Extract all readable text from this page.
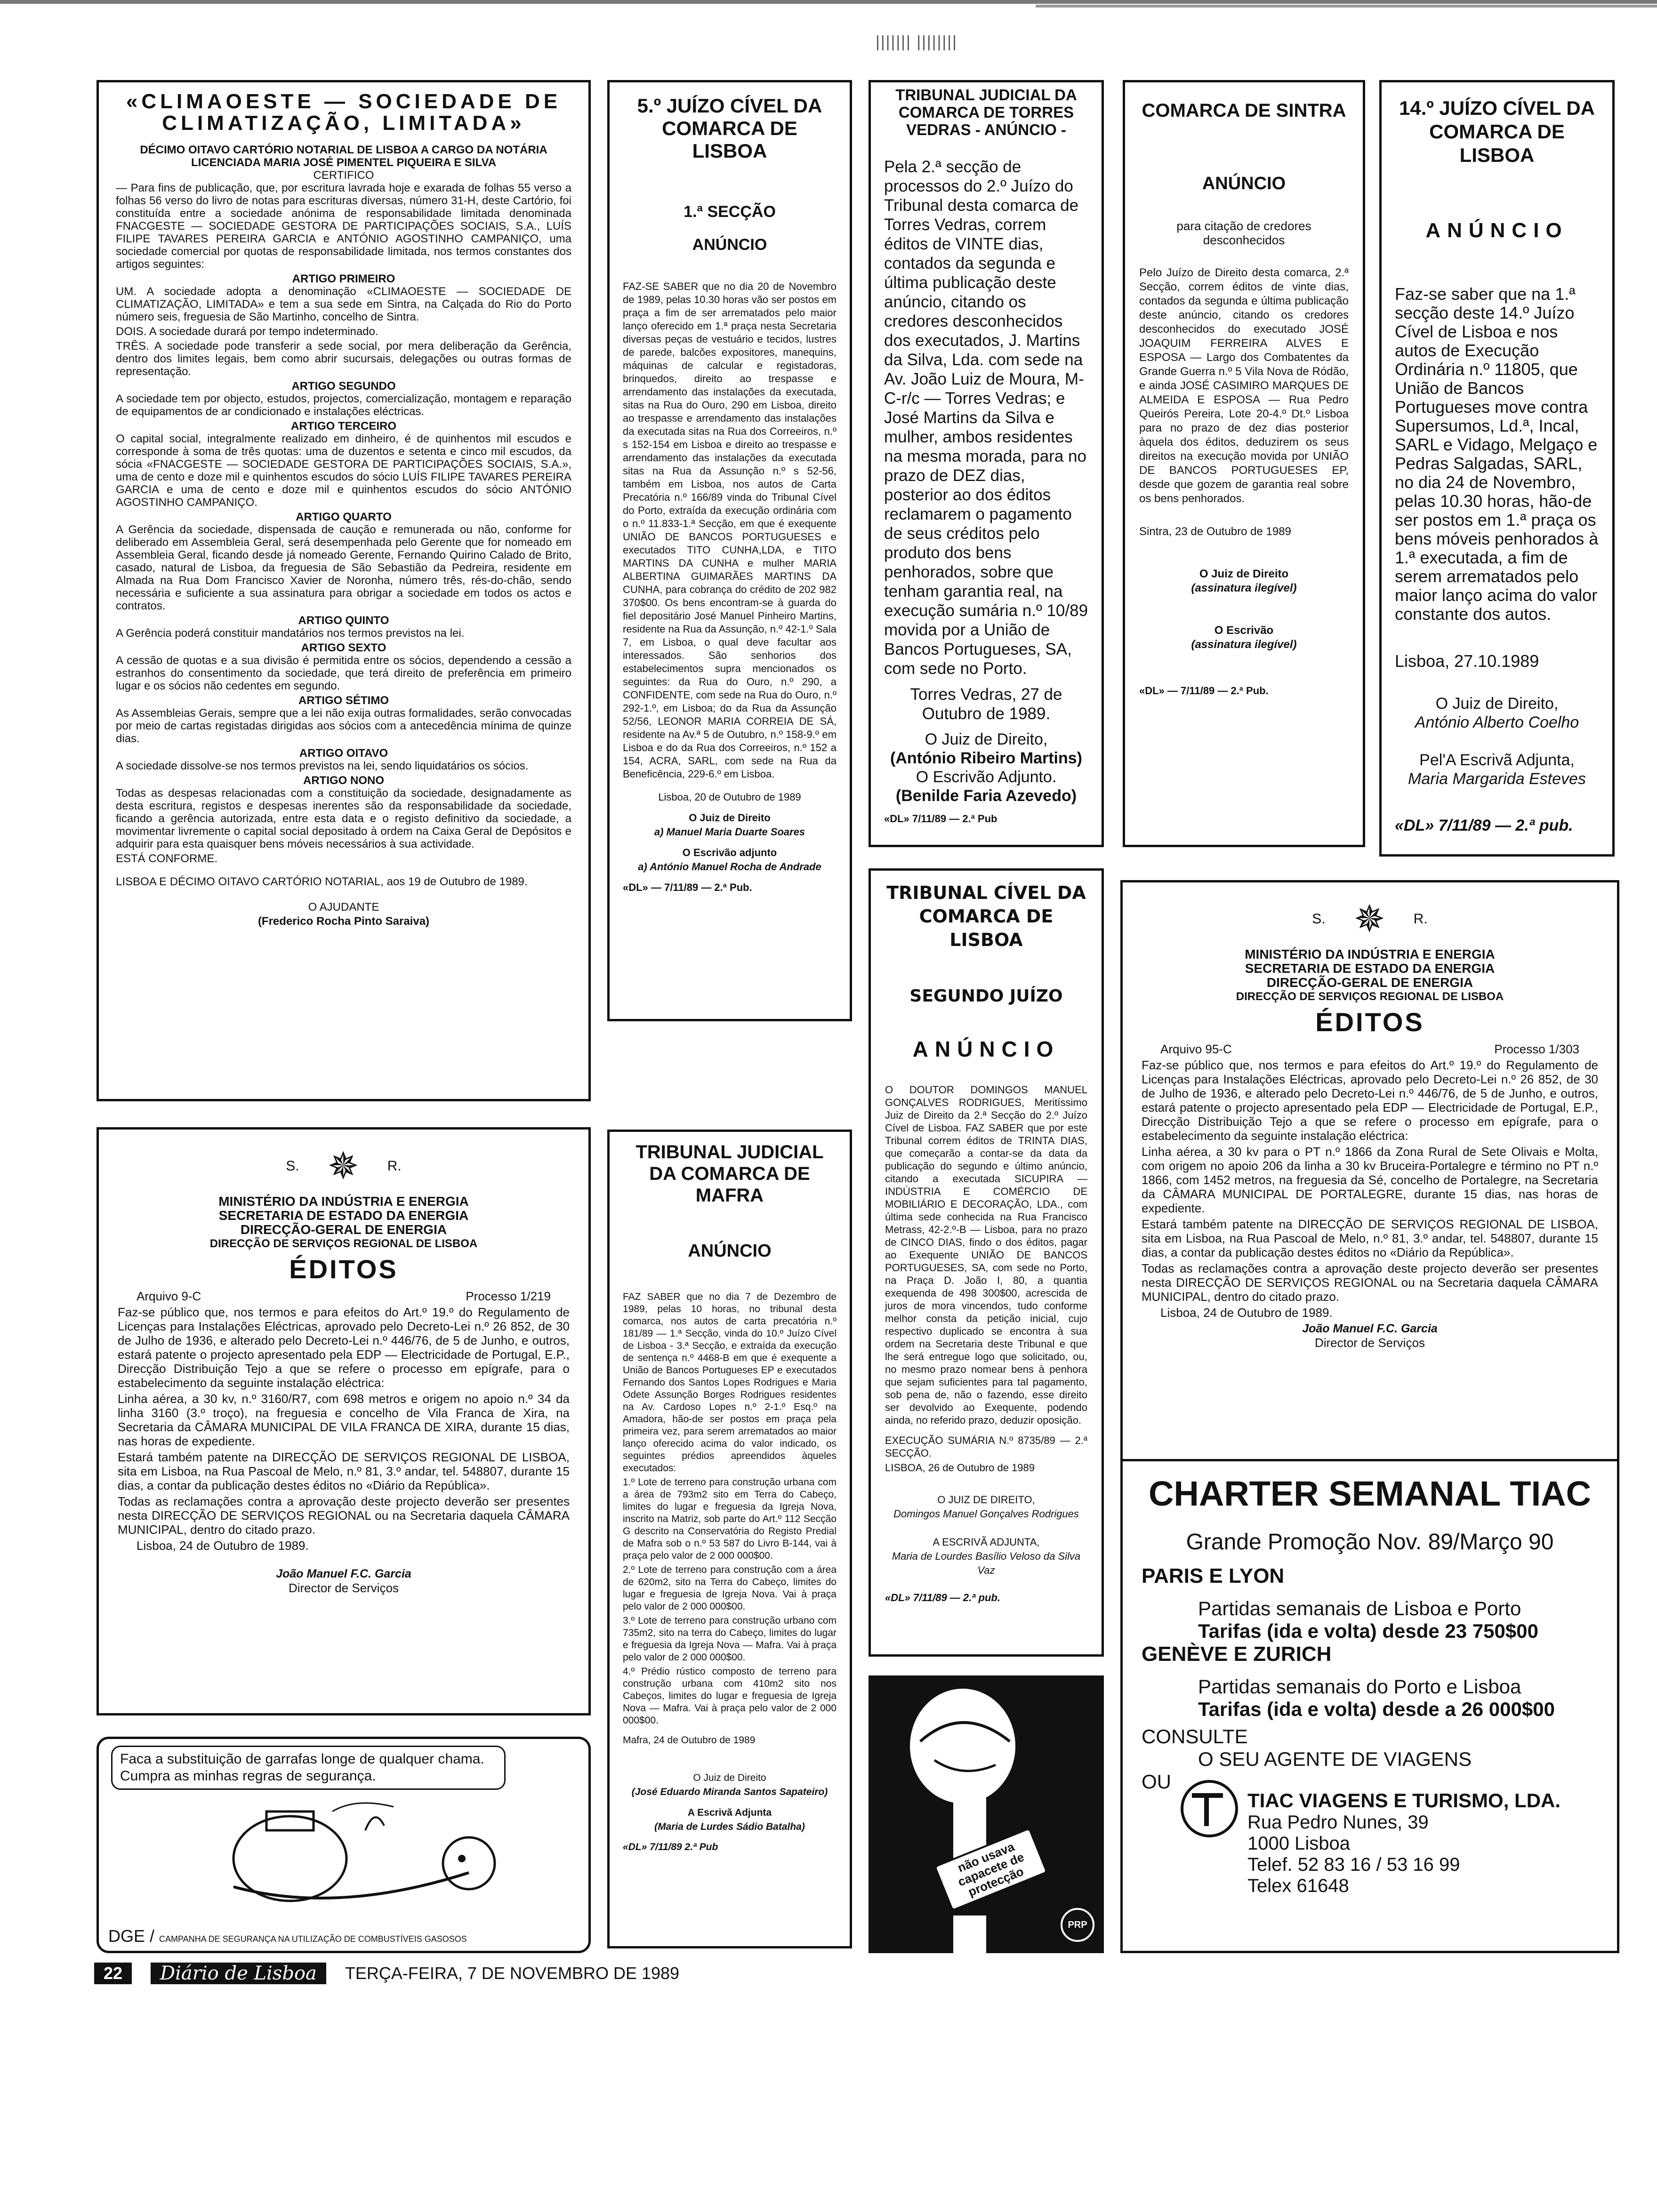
||||||| ||||||||

«CLIMAOESTE — SOCIEDADE DE CLIMATIZAÇÃO, LIMITADA»

DÉCIMO OITAVO CARTÓRIO NOTARIAL DE LISBOA A CARGO DA NOTÁRIA LICENCIADA MARIA JOSÉ PIMENTEL PIQUEIRA E SILVA

CERTIFICO

— Para fins de publicação, que, por escritura lavrada hoje e exarada de folhas 55 verso a folhas 56 verso do livro de notas para escrituras diversas, número 31-H, deste Cartório, foi constituída entre a sociedade anónima de responsabilidade limitada denominada FNACGESTE — SOCIEDADE GESTORA DE PARTICIPAÇÕES SOCIAIS, S.A., LUÍS FILIPE TAVARES PEREIRA GARCIA e ANTÓNIO AGOSTINHO CAMPANIÇO, uma sociedade comercial por quotas de responsabilidade limitada, nos termos constantes dos artigos seguintes:

ARTIGO PRIMEIRO

UM. A sociedade adopta a denominação «CLIMAOESTE — SOCIEDADE DE CLIMATIZAÇÃO, LIMITADA» e tem a sua sede em Sintra, na Calçada do Rio do Porto número seis, freguesia de São Martinho, concelho de Sintra.

DOIS. A sociedade durará por tempo indeterminado.

TRÊS. A sociedade pode transferir a sede social, por mera deliberação da Gerência, dentro dos limites legais, bem como abrir sucursais, delegações ou outras formas de representação.

ARTIGO SEGUNDO

A sociedade tem por objecto, estudos, projectos, comercialização, montagem e reparação de equipamentos de ar condicionado e instalações eléctricas.

ARTIGO TERCEIRO

O capital social, integralmente realizado em dinheiro, é de quinhentos mil escudos e corresponde à soma de três quotas: uma de duzentos e setenta e cinco mil escudos, da sócia «FNACGESTE — SOCIEDADE GESTORA DE PARTICIPAÇÕES SOCIAIS, S.A.», uma de cento e doze mil e quinhentos escudos do sócio LUÍS FILIPE TAVARES PEREIRA GARCIA e uma de cento e doze mil e quinhentos escudos do sócio ANTÓNIO AGOSTINHO CAMPANIÇO.

ARTIGO QUARTO

A Gerência da sociedade, dispensada de caução e remunerada ou não, conforme for deliberado em Assembleia Geral, será desempenhada pelo Gerente que for nomeado em Assembleia Geral, ficando desde já nomeado Gerente, Fernando Quirino Calado de Brito, casado, natural de Lisboa, da freguesia de São Sebastião da Pedreira, residente em Almada na Rua Dom Francisco Xavier de Noronha, número três, rés-do-chão, sendo necessária e suficiente a sua assinatura para obrigar a sociedade em todos os actos e contratos.

ARTIGO QUINTO

A Gerência poderá constituir mandatários nos termos previstos na lei.

ARTIGO SEXTO

A cessão de quotas e a sua divisão é permitida entre os sócios, dependendo a cessão a estranhos do consentimento da sociedade, que terá direito de preferência em primeiro lugar e os sócios não cedentes em segundo.

ARTIGO SÉTIMO

As Assembleias Gerais, sempre que a lei não exija outras formalidades, serão convocadas por meio de cartas registadas dirigidas aos sócios com a antecedência mínima de quinze dias.

ARTIGO OITAVO

A sociedade dissolve-se nos termos previstos na lei, sendo liquidatários os sócios.

ARTIGO NONO

Todas as despesas relacionadas com a constituição da sociedade, designadamente as desta escritura, registos e despesas inerentes são da responsabilidade da sociedade, ficando a gerência autorizada, entre esta data e o registo definitivo da sociedade, a movimentar livremente o capital social depositado à ordem na Caixa Geral de Depósitos e adquirir para esta quaisquer bens móveis necessários à sua actividade.

ESTÁ CONFORME.

LISBOA E DÉCIMO OITAVO CARTÓRIO NOTARIAL, aos 19 de Outubro de 1989.

O AJUDANTE

(Frederico Rocha Pinto Saraiva)

5.º JUÍZO CÍVEL DA COMARCA DE LISBOA

1.ª SECÇÃO

ANÚNCIO

FAZ-SE SABER que no dia 20 de Novembro de 1989, pelas 10.30 horas vão ser postos em praça a fim de ser arrematados pelo maior lanço oferecido em 1.ª praça nesta Secretaria diversas peças de vestuário e tecidos, lustres de parede, balcões expositores, manequins, máquinas de calcular e registadoras, brinquedos, direito ao trespasse e arrendamento das instalações da executada, sitas na Rua do Ouro, 290 em Lisboa, direito ao trespasse e arrendamento das instalações da executada sitas na Rua dos Correeiros, n.º s 152-154 em Lisboa e direito ao trespasse e arrendamento das instalações da executada sitas na Rua da Assunção n.º s 52-56, também em Lisboa, nos autos de Carta Precatória n.º 166/89 vinda do Tribunal Cível do Porto, extraída da execução ordinária com o n.º 11.833-1.ª Secção, em que é exequente UNIÃO DE BANCOS PORTUGUESES e executados TITO CUNHA,LDA, e TITO MARTINS DA CUNHA e mulher MARIA ALBERTINA GUIMARÃES MARTINS DA CUNHA, para cobrança do crédito de 202 982 370$00. Os bens encontram-se à guarda do fiel depositário José Manuel Pinheiro Martins, residente na Rua da Assunção, n.º 42-1.º Sala 7, em Lisboa, o qual deve facultar aos interessados. São senhorios dos estabelecimentos supra mencionados os seguintes: da Rua do Ouro, n.º 290, a CONFIDENTE, com sede na Rua do Ouro, n.º 292-1.º, em Lisboa; do da Rua da Assunção 52/56, LEONOR MARIA CORREIA DE SÁ, residente na Av.ª 5 de Outubro, n.º 158-9.º em Lisboa e do da Rua dos Correeiros, n.º 152 a 154, ACRA, SARL, com sede na Rua da Beneficência, 229-6.º em Lisboa.

Lisboa, 20 de Outubro de 1989

O Juiz de Direito

a) Manuel Maria Duarte Soares

O Escrivão adjunto

a) António Manuel Rocha de Andrade

«DL» — 7/11/89 — 2.ª Pub.

TRIBUNAL JUDICIAL DA COMARCA DE TORRES VEDRAS - ANÚNCIO -

Pela 2.ª secção de processos do 2.º Juízo do Tribunal desta comarca de Torres Vedras, correm éditos de VINTE dias, contados da segunda e última publicação deste anúncio, citando os credores desconhecidos dos executados, J. Martins da Silva, Lda. com sede na Av. João Luiz de Moura, M-C-r/c — Torres Vedras; e José Martins da Silva e mulher, ambos residentes na mesma morada, para no prazo de DEZ dias, posterior ao dos éditos reclamarem o pagamento de seus créditos pelo produto dos bens penhorados, sobre que tenham garantia real, na execução sumária n.º 10/89 movida por a União de Bancos Portugueses, SA, com sede no Porto.

Torres Vedras, 27 de Outubro de 1989.

O Juiz de Direito,

(António Ribeiro Martins)

O Escrivão Adjunto.

(Benilde Faria Azevedo)

«DL» 7/11/89 — 2.ª Pub

COMARCA DE SINTRA

ANÚNCIO

para citação de credores desconhecidos

Pelo Juízo de Direito desta comarca, 2.ª Secção, correm éditos de vinte dias, contados da segunda e última publicação deste anúncio, citando os credores desconhecidos do executado JOSÉ JOAQUIM FERREIRA ALVES E ESPOSA — Largo dos Combatentes da Grande Guerra n.º 5 Vila Nova de Ródão, e ainda JOSÉ CASIMIRO MARQUES DE ALMEIDA E ESPOSA — Rua Pedro Queirós Pereira, Lote 20-4.º Dt.º Lisboa para no prazo de dez dias posterior àquela dos éditos, deduzirem os seus direitos na execução movida por UNIÃO DE BANCOS PORTUGUESES EP, desde que gozem de garantia real sobre os bens penhorados.

Sintra, 23 de Outubro de 1989

O Juiz de Direito

(assinatura ilegível)

O Escrivão

(assinatura ilegível)

«DL» — 7/11/89 — 2.ª Pub.

14.º JUÍZO CÍVEL DA COMARCA DE LISBOA

ANÚNCIO

Faz-se saber que na 1.ª secção deste 14.º Juízo Cível de Lisboa e nos autos de Execução Ordinária n.º 11805, que União de Bancos Portugueses move contra Supersumos, Ld.ª, Incal, SARL e Vidago, Melgaço e Pedras Salgadas, SARL, no dia 24 de Novembro, pelas 10.30 horas, hão-de ser postos em 1.ª praça os bens móveis penhorados à 1.ª executada, a fim de serem arrematados pelo maior lanço acima do valor constante dos autos.

Lisboa, 27.10.1989

O Juiz de Direito,

António Alberto Coelho

Pel'A Escrivã Adjunta,

Maria Margarida Esteves

«DL» 7/11/89 — 2.ª pub.

TRIBUNAL CÍVEL DA COMARCA DE LISBOA

SEGUNDO JUÍZO

ANÚNCIO

O DOUTOR DOMINGOS MANUEL GONÇALVES RODRIGUES, Meritíssimo Juiz de Direito da 2.ª Secção do 2.º Juízo Cível de Lisboa. FAZ SABER que por este Tribunal correm éditos de TRINTA DIAS, que começarão a contar-se da data da publicação do segundo e último anúncio, citando a executada SICUPIRA — INDÚSTRIA E COMÉRCIO DE MOBILIÁRIO E DECORAÇÃO, LDA., com última sede conhecida na Rua Francisco Metrass, 42-2.º-B — Lisboa, para no prazo de CINCO DIAS, findo o dos éditos, pagar ao Exequente UNIÃO DE BANCOS PORTUGUESES, SA, com sede no Porto, na Praça D. João I, 80, a quantia exequenda de 498 300$00, acrescida de juros de mora vincendos, tudo conforme melhor consta da petição inicial, cujo respectivo duplicado se encontra à sua ordem na Secretaria deste Tribunal e que lhe será entregue logo que solicitado, ou, no mesmo prazo nomear bens à penhora que sejam suficientes para tal pagamento, sob pena de, não o fazendo, esse direito ser devolvido ao Exequente, podendo ainda, no referido prazo, deduzir oposição.

EXECUÇÃO SUMÁRIA N.º 8735/89 — 2.ª SECÇÃO.

LISBOA, 26 de Outubro de 1989

O JUIZ DE DIREITO,

Domingos Manuel Gonçalves Rodrigues

A ESCRIVÃ ADJUNTA,

Maria de Lourdes Basílio Veloso da Silva Vaz

«DL» 7/11/89 — 2.ª pub.

S. ✵ R.

MINISTÉRIO DA INDÚSTRIA E ENERGIA

SECRETARIA DE ESTADO DA ENERGIA

DIRECÇÃO-GERAL DE ENERGIA

DIRECÇÃO DE SERVIÇOS REGIONAL DE LISBOA

ÉDITOS

Arquivo 95-C	Processo 1/303

Faz-se público que, nos termos e para efeitos do Art.º 19.º do Regulamento de Licenças para Instalações Eléctricas, aprovado pelo Decreto-Lei n.º 26 852, de 30 de Julho de 1936, e alterado pelo Decreto-Lei n.º 446/76, de 5 de Junho, e outros, estará patente o projecto apresentado pela EDP — Electricidade de Portugal, E.P., Direcção Distribuição Tejo a que se refere o processo em epígrafe, para o estabelecimento da seguinte instalação eléctrica:

Linha aérea, a 30 kv para o PT n.º 1866 da Zona Rural de Sete Olivais e Molta, com origem no apoio 206 da linha a 30 kv Bruceira-Portalegre e término no PT n.º 1866, com 1452 metros, na freguesia da Sé, concelho de Portalegre, na Secretaria da CÂMARA MUNICIPAL DE PORTALEGRE, durante 15 dias, nas horas de expediente.

Estará também patente na DIRECÇÃO DE SERVIÇOS REGIONAL DE LISBOA, sita em Lisboa, na Rua Pascoal de Melo, n.º 81, 3.º andar, tel. 548807, durante 15 dias, a contar da publicação destes éditos no «Diário da República».

Todas as reclamações contra a aprovação deste projecto deverão ser presentes nesta DIRECÇÃO DE SERVIÇOS REGIONAL ou na Secretaria daquela CÂMARA MUNICIPAL, dentro do citado prazo.

Lisboa, 24 de Outubro de 1989.

João Manuel F.C. Garcia

Director de Serviços

S. ✵ R.

MINISTÉRIO DA INDÚSTRIA E ENERGIA

SECRETARIA DE ESTADO DA ENERGIA

DIRECÇÃO-GERAL DE ENERGIA

DIRECÇÃO DE SERVIÇOS REGIONAL DE LISBOA

ÉDITOS

Arquivo 9-C	Processo 1/219

Faz-se público que, nos termos e para efeitos do Art.º 19.º do Regulamento de Licenças para Instalações Eléctricas, aprovado pelo Decreto-Lei n.º 26 852, de 30 de Julho de 1936, e alterado pelo Decreto-Lei n.º 446/76, de 5 de Junho, e outros, estará patente o projecto apresentado pela EDP — Electricidade de Portugal, E.P., Direcção Distribuição Tejo a que se refere o processo em epígrafe, para o estabelecimento da seguinte instalação eléctrica:

Linha aérea, a 30 kv, n.º 3160/R7, com 698 metros e origem no apoio n.º 34 da linha 3160 (3.º troço), na freguesia e concelho de Vila Franca de Xira, na Secretaria da CÂMARA MUNICIPAL DE VILA FRANCA DE XIRA, durante 15 dias, nas horas de expediente.

Estará também patente na DIRECÇÃO DE SERVIÇOS REGIONAL DE LISBOA, sita em Lisboa, na Rua Pascoal de Melo, n.º 81, 3.º andar, tel. 548807, durante 15 dias, a contar da publicação destes éditos no «Diário da República».

Todas as reclamações contra a aprovação deste projecto deverão ser presentes nesta DIRECÇÃO DE SERVIÇOS REGIONAL ou na Secretaria daquela CÂMARA MUNICIPAL, dentro do citado prazo.

Lisboa, 24 de Outubro de 1989.

João Manuel F.C. Garcia

Director de Serviços

TRIBUNAL JUDICIAL DA COMARCA DE MAFRA

ANÚNCIO

FAZ SABER que no dia 7 de Dezembro de 1989, pelas 10 horas, no tribunal desta comarca, nos autos de carta precatória n.º 181/89 — 1.ª Secção, vinda do 10.º Juízo Cível de Lisboa - 3.ª Secção, e extraída da execução de sentença n.º 4468-B em que é exequente a União de Bancos Portugueses EP e executados Fernando dos Santos Lopes Rodrigues e Maria Odete Assunção Borges Rodrigues residentes na Av. Cardoso Lopes n.º 2-1.º Esq.º na Amadora, hão-de ser postos em praça pela primeira vez, para serem arrematados ao maior lanço oferecido acima do valor indicado, os seguintes prédios apreendidos àqueles executados:

1.º Lote de terreno para construção urbana com a área de 793m2 sito em Terra do Cabeço, limites do lugar e freguesia da Igreja Nova, inscrito na Matriz, sob parte do Art.º 112 Secção G descrito na Conservatória do Registo Predial de Mafra sob o n.º 53 587 do Livro B-144, vai à praça pelo valor de 2 000 000$00.

2.º Lote de terreno para construção com a área de 620m2, sito na Terra do Cabeço, limites do lugar e freguesia de Igreja Nova. Vai à praça pelo valor de 2 000 000$00.

3.º Lote de terreno para construção urbano com 735m2, sito na terra do Cabeço, limites do lugar e freguesia da Igreja Nova — Mafra. Vai à praça pelo valor de 2 000 000$00.

4.º Prédio rústico composto de terreno para construção urbana com 410m2 sito nos Cabeços, limites do lugar e freguesia de Igreja Nova — Mafra. Vai à praça pelo valor de 2 000 000$00.

Mafra, 24 de Outubro de 1989

O Juiz de Direito

(José Eduardo Miranda Santos Sapateiro)

A Escrivã Adjunta

(Maria de Lurdes Sádio Batalha)

«DL» 7/11/89 2.ª Pub

Faca a substituição de garrafas longe de qualquer chama. Cumpra as minhas regras de segurança.

DGE / CAMPANHA DE SEGURANÇA NA UTILIZAÇÃO DE COMBUSTÍVEIS GASOSOS

não usava capacete de protecção

PRP

CHARTER SEMANAL TIAC

Grande Promoção Nov. 89/Março 90

PARIS E LYON

Partidas semanais de Lisboa e Porto

Tarifas (ida e volta) desde 23 750$00

GENÈVE E ZURICH

Partidas semanais do Porto e Lisboa

Tarifas (ida e volta) desde a 26 000$00

CONSULTE

O SEU AGENTE DE VIAGENS

OU

TIAC VIAGENS E TURISMO, LDA.

Rua Pedro Nunes, 39

1000 Lisboa

Telef. 52 83 16 / 53 16 99

Telex 61648

22	Diário de Lisboa	TERÇA-FEIRA, 7 DE NOVEMBRO DE 1989
